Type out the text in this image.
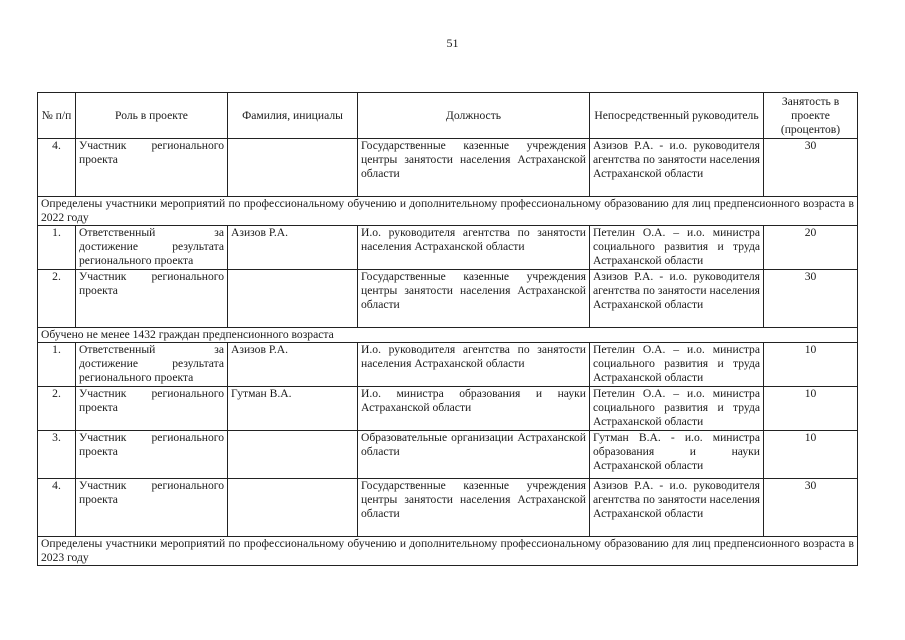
51
№ п/п	Роль в проекте	Фамилия, инициалы	Должность	Непосредственный руководитель	Занятость в проекте (процентов)
4.	Участник регионального проекта		Государственные казенные учреждения центры занятости населения Астраханской области	Азизов Р.А. - и.о. руководителя агентства по занятости населения Астраханской области	30
Определены участники мероприятий по профессиональному обучению и дополнительному профессиональному образованию для лиц предпенсионного возраста в 2022 году					
1.	Ответственный за достижение результата регионального проекта	Азизов Р.А.	И.о. руководителя агентства по занятости населения Астраханской области	Петелин О.А. – и.о. министра социального развития и труда Астраханской области	20
2.	Участник регионального проекта		Государственные казенные учреждения центры занятости населения Астраханской области	Азизов Р.А. - и.о. руководителя агентства по занятости населения Астраханской области	30
Обучено не менее 1432 граждан предпенсионного возраста					
1.	Ответственный за достижение результата регионального проекта	Азизов Р.А.	И.о. руководителя агентства по занятости населения Астраханской области	Петелин О.А. – и.о. министра социального развития и труда Астраханской области	10
2.	Участник регионального проекта	Гутман В.А.	И.о. министра образования и науки Астраханской области	Петелин О.А. – и.о. министра социального развития и труда Астраханской области	10
3.	Участник регионального проекта		Образовательные организации Астраханской области	Гутман В.А. - и.о. министра образования и науки Астраханской области	10
4.	Участник регионального проекта		Государственные казенные учреждения центры занятости населения Астраханской области	Азизов Р.А. - и.о. руководителя агентства по занятости населения Астраханской области	30
Определены участники мероприятий по профессиональному обучению и дополнительному профессиональному образованию для лиц предпенсионного возраста в 2023 году					
